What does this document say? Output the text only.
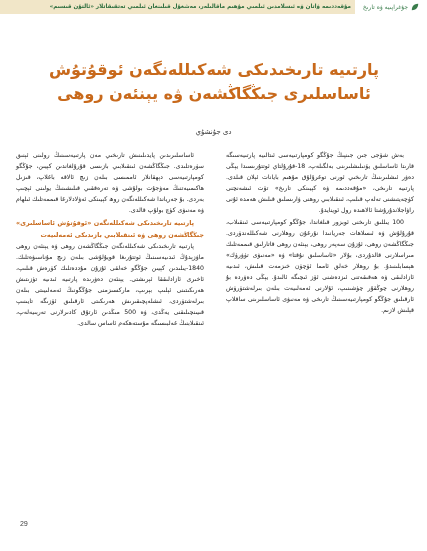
جۇغراپىيە ۋە تارىخ
مۇقەددىمە ۋاتان ۋە ئىسلامدىن ئىلمىي مۇھىم ماقالىلەر، مەشغۇل قىلىنغان ئىلمىي تەتقىقاتلار «ئالتۇن قىسىم»
پارتىيە تارىخىدىكى شەكىللەنگەن ئوقۇتۇش ئاساسلىرى جىڭگاڭشەن ۋە يېنئەن روھى
دى جۇنشۇي

بەش شۆجى جىن جىنپىڭ جۇڭگو كومپارتىيەسى ئىتالىيە پارتىيەسىگە قارىتا ئاساسلىق يۆنىلىشلىرىنى بەلگىلەپ، 18-قۇرۇلتاي ئوتتۇرىسىدا يېڭى دەۋر ئىشلىرىنىڭ تارىخىي ئورنى توغرۇلۇق مۇھىم بايانات ئېلان قىلدى. پارتىيە تارىخى، «مۇقەددىمە ۋە كېيىنكى تارىخ» تۆت ئىشەنچنى كۈچەيتىشنى تەلەپ قىلىپ، ئىنقىلابىي روھنى ۋارىسلىق قىلىش ھەمدە ئۇنى راۋاجلاندۇرۇشتا ئالاھىدە رول ئوينايدۇ.

100 يىللىق تارىخنى ئوبزور قىلغاندا، جۇڭگو كومپارتىيەسى ئىنقىلاب، قۇرۇلۇش ۋە ئىسلاھات جەريانىدا نۇرغۇن روھلارنى شەكىللەندۈردى. جىڭگاڭشەن روھى، ئۇزۇن سەپەر روھى، يېنئەن روھى قاتارلىق قىممەتلىك مىراسلارنى قالدۇردى، بۇلار «ئاساسلىق نۇقتا» ۋە «مەنىۋى تۈۋرۈك» ھېسابلىنىدۇ. بۇ روھلار خەلق ئامما ئۈچۈن خىزمەت قىلىش، ئىدىيە ئازادلىقى ۋە ھەقىقەتنى ئىزدەشنى ئۆز ئىچىگە ئالىدۇ. يېڭى دەۋردە بۇ روھلارنى چوڭقۇر چۈشىنىپ، ئۇلارنى ئەمەلىيەت بىلەن بىرلەشتۈرۈش ئارقىلىق جۇڭگو كومپارتىيەسىنىڭ تارىخى ۋە مەنىۋى ئاساسلىرىنى ساقلاپ قېلىش لازىم.

ئاساسلىرىدىن پايدىلىنىش تارىخىي مەن پارتىيەسىنىڭ رولىنى ئېنىق سۈرەتلىدى. جىڭگاڭشەن ئىنقىلابىي بازىسى قۇرۇلغاندىن كېيىن، جۇڭگو كومپارتىيەسى دېھقانلار ئاممىسى بىلەن زىچ ئالاقە باغلاپ، قىزىل ھاكىمىيەتنىڭ مەۋجۇت بولۇشى ۋە تەرەققىي قىلىشىنىڭ يولىنى ئېچىپ بەردى. بۇ جەرياندا شەكىللەنگەن روھ كېيىنكى ئەۋلادلارغا قىممەتلىك ئىلھام ۋە مەنىۋى كۈچ بولۇپ قالدى.

پارتىيە تارىخىدىكى شەكىللەنگەن «ئوقۇتۇش ئاساسلىرى» جىڭگاڭشەن روھى ۋە ئىنقىلابىي بازىدىكى ئەمەلىيەت

پارتىيە تارىخىدىكى شەكىللەنگەن جىڭگاڭشەن روھى ۋە يېنئەن روھى ماۋزېدۇڭ ئىدىيەسىنىڭ ئوتتۇرىغا قويۇلۇشى بىلەن زىچ مۇناسىۋەتلىك. 1840-يىلىدىن كېيىن جۇڭگو خەلقى ئۇزۇن مۇددەتلىك كۈرەش قىلىپ، ئاخىرى ئازادلىققا ئېرىشتى. يېنئەن دەۋرىدە پارتىيە ئىدىيە تۈزىتىش ھەرىكىتىنى ئېلىپ بېرىپ، ماركسىزمنى جۇڭگونىڭ ئەمەلىيىتى بىلەن بىرلەشتۈردى، ئىشلەپچىقىرىش ھەرىكىتى ئارقىلىق ئۆزىگە تايىنىپ قىيىنچىلىقنى يەڭدى، ۋە 500 مىڭدىن ئارتۇق كادىرلارنى تەربىيەلەپ، ئىنقىلابنىڭ غەلبىسىگە مۇستەھكەم ئاساس سالدى.

29
